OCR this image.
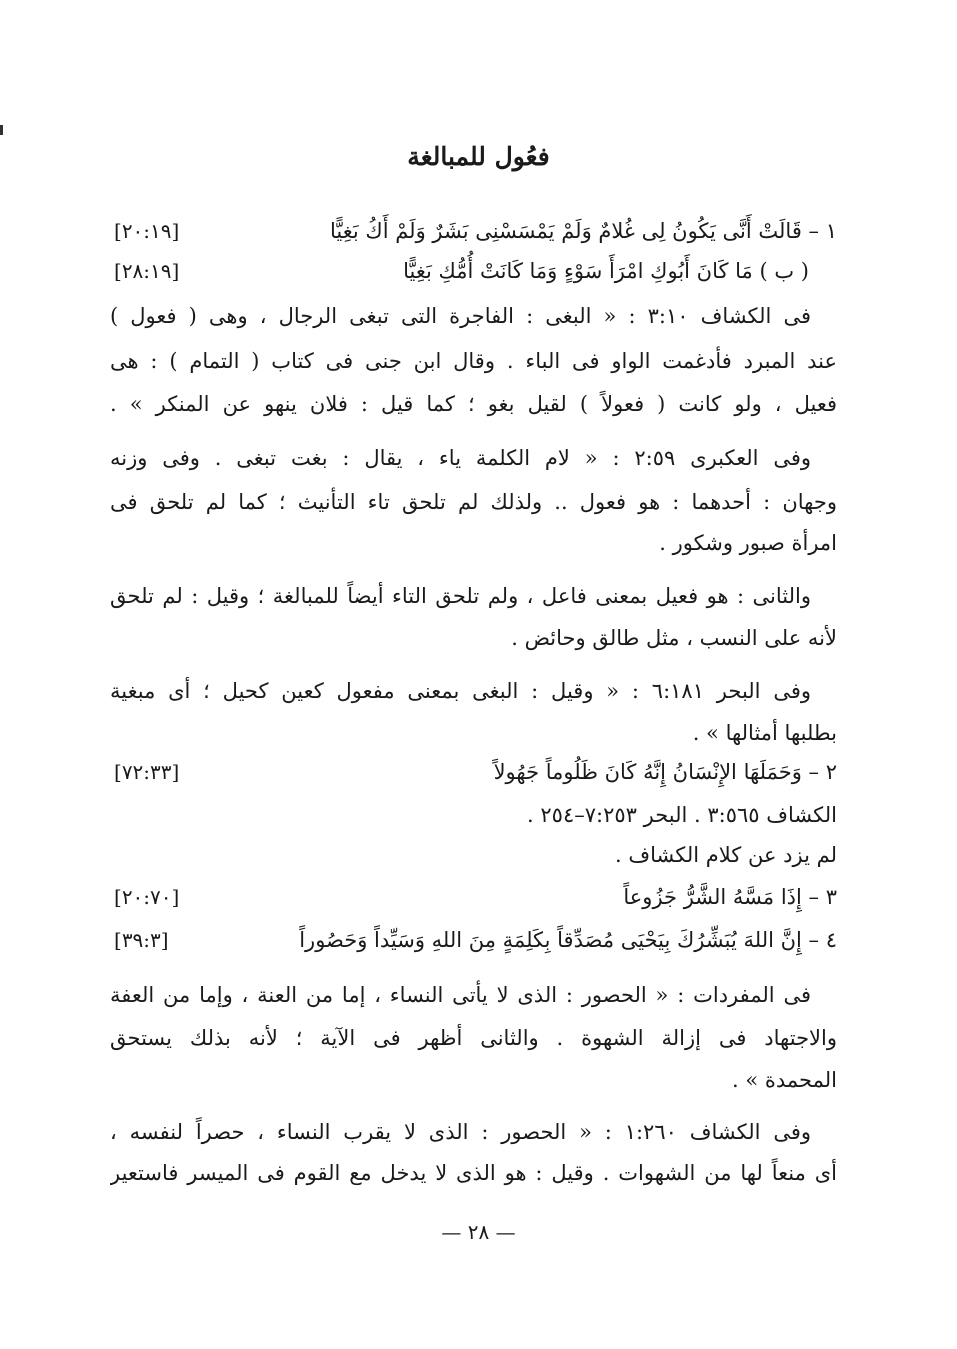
فعُول للمبالغة
١ – قَالَتْ أَنَّى يَكُونُ لِى غُلامٌ وَلَمْ يَمْسَسْنِى بَشَرٌ وَلَمْ أَكُ بَغِيًّا
[٢٠:١٩]
( ب ) مَا كَانَ أَبُوكِ امْرَأَ سَوْءٍ وَمَا كَانَتْ أُمُّكِ بَغِيًّا
[٢٨:١٩]
فى الكشاف ٣:١٠ : « البغى : الفاجرة التى تبغى الرجال ، وهى ( فعول )
عند المبرد فأدغمت الواو فى الباء . وقال ابن جنى فى كتاب ( التمام ) : هى
فعيل ، ولو كانت ( فعولاً ) لقيل بغو ؛ كما قيل : فلان ينهو عن المنكر » .
وفى العكبرى ٢:٥٩ : « لام الكلمة ياء ، يقال : بغت تبغى . وفى وزنه
وجهان : أحدهما : هو فعول .. ولذلك لم تلحق تاء التأنيث ؛ كما لم تلحق فى
امرأة صبور وشكور .
والثانى : هو فعيل بمعنى فاعل ، ولم تلحق التاء أيضاً للمبالغة ؛ وقيل : لم تلحق
لأنه على النسب ، مثل طالق وحائض .
وفى البحر ٦:١٨١ : « وقيل : البغى بمعنى مفعول كعين كحيل ؛ أى مبغية
بطلبها أمثالها » .
٢ – وَحَمَلَهَا الإِنْسَانُ إِنَّهُ كَانَ ظَلُوماً جَهُولاً
[٧٢:٣٣]
الكشاف ٣:٥٦٥ . البحر ٧:٢٥٣–٢٥٤ .
لم يزد عن كلام الكشاف .
٣ – إِذَا مَسَّهُ الشَّرُّ جَزُوعاً
[٢٠:٧٠]
٤ – إِنَّ اللهَ يُبَشِّرُكَ بِيَحْيَى مُصَدِّقاً بِكَلِمَةٍ مِنَ اللهِ وَسَيِّداً وَحَصُوراً
[٣٩:٣]
فى المفردات : « الحصور : الذى لا يأتى النساء ، إما من العنة ، وإما من العفة
والاجتهاد فى إزالة الشهوة . والثانى أظهر فى الآية ؛ لأنه بذلك يستحق
المحمدة » .
وفى الكشاف ١:٢٦٠ : « الحصور : الذى لا يقرب النساء ، حصراً لنفسه ،
أى منعاً لها من الشهوات . وقيل : هو الذى لا يدخل مع القوم فى الميسر فاستعير
— ٢٨ —
